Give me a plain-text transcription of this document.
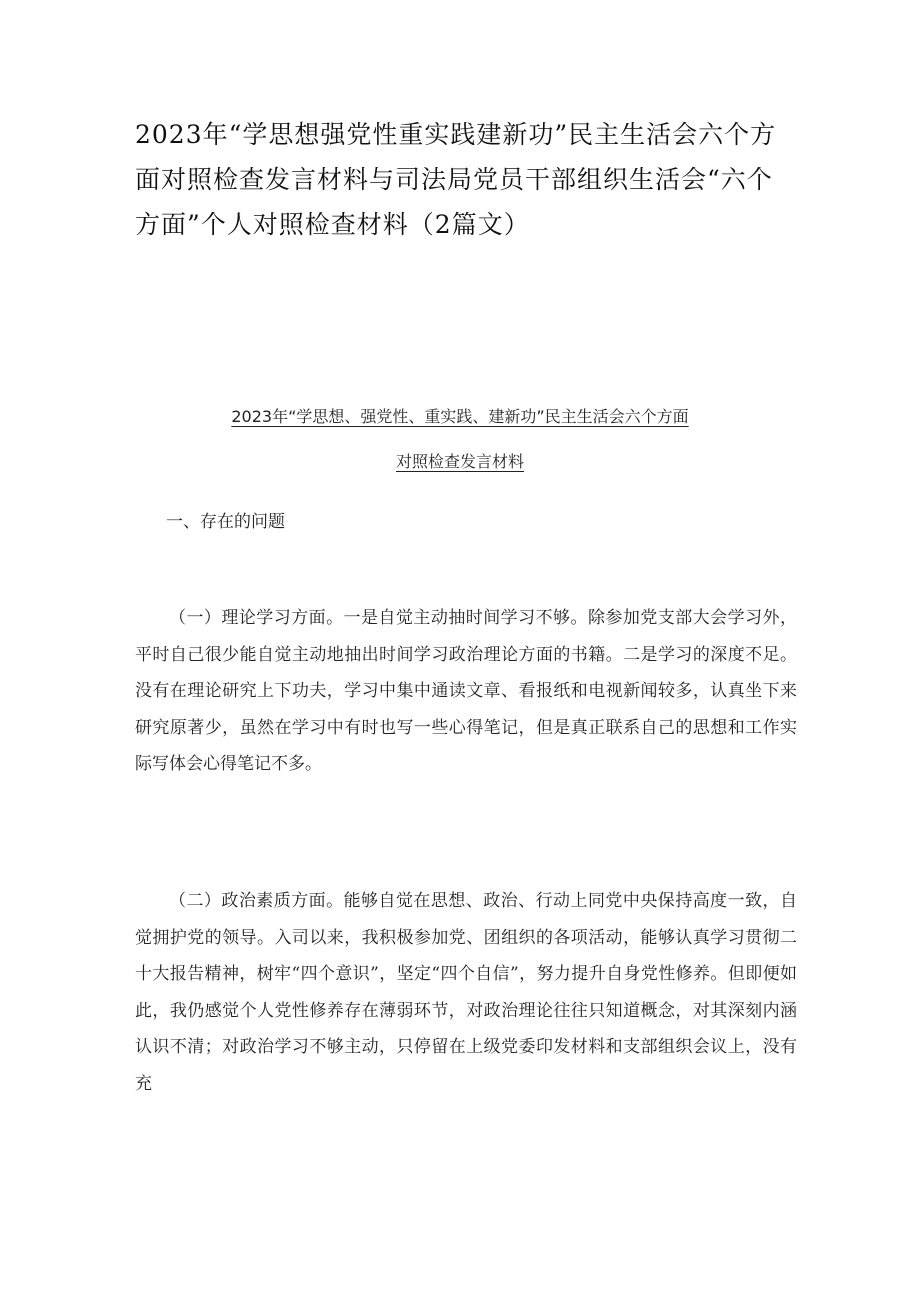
2023年“学思想强党性重实践建新功”民主生活会六个方面对照检查发言材料与司法局党员干部组织生活会“六个方面”个人对照检查材料（2篇文）
2023年“学思想、强党性、重实践、建新功”民主生活会六个方面
对照检查发言材料
一、存在的问题

（一）理论学习方面。一是自觉主动抽时间学习不够。除参加党支部大会学习外，平时自己很少能自觉主动地抽出时间学习政治理论方面的书籍。二是学习的深度不足。没有在理论研究上下功夫，学习中集中通读文章、看报纸和电视新闻较多，认真坐下来研究原著少，虽然在学习中有时也写一些心得笔记，但是真正联系自己的思想和工作实际写体会心得笔记不多。

（二）政治素质方面。能够自觉在思想、政治、行动上同党中央保持高度一致，自觉拥护党的领导。入司以来，我积极参加党、团组织的各项活动，能够认真学习贯彻二十大报告精神，树牢“四个意识”，坚定“四个自信”，努力提升自身党性修养。但即便如此，我仍感觉个人党性修养存在薄弱环节，对政治理论往往只知道概念，对其深刻内涵认识不清；对政治学习不够主动，只停留在上级党委印发材料和支部组织会议上，没有充
